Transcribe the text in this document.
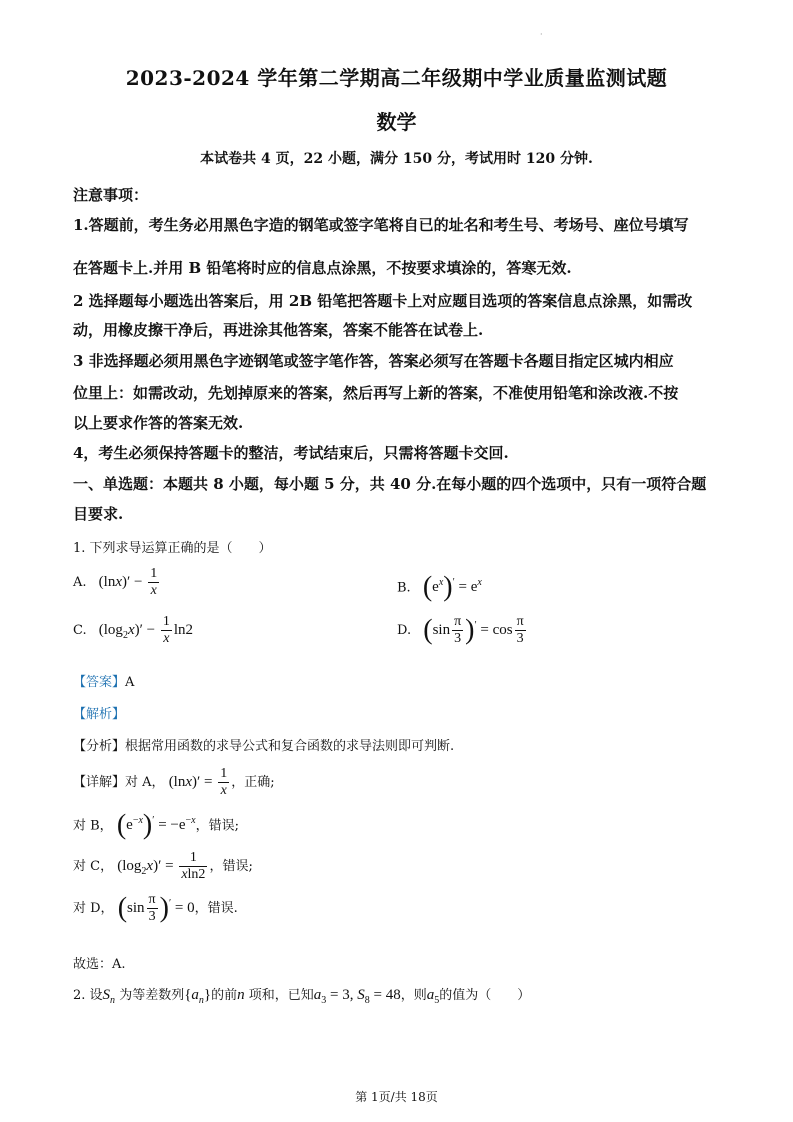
·
2023-2024 学年第二学期高二年级期中学业质量监测试题
数学
本试卷共 4 页，22 小题，满分 150 分，考试用时 120 分钟.
注意事项：
1.答题前，考生务必用黑色字造的钢笔或签字笔将自已的址名和考生号、考场号、座位号填写
在答题卡上.并用 B 铅笔将时应的信息点涂黑，不按要求填涂的，答寒无效.
2 选择题每小题选出答案后，用 2B 铅笔把答题卡上对应题目选项的答案信息点涂黑，如需改
动，用橡皮擦干净后，再进涂其他答案，答案不能答在试卷上.
3 非选择题必须用黑色字迹钢笔或签字笔作答，答案必须写在答题卡各题目指定区城内相应
位里上：如需改动，先划掉原来的答案，然后再写上新的答案，不准使用铅笔和涂改液.不按
以上要求作答的答案无效.
4，考生必须保持答题卡的整洁，考试结束后，只需将答题卡交回.
一、单选题：本题共 8 小题，每小题 5 分，共 40 分.在每小题的四个选项中，只有一项符合题
目要求.
1. 下列求导运算正确的是（　　）
A. $(\ln x)' - \frac{1}{x}$	B. $(e^x)' = e^x$
C. $(\log_2x)' - \frac{1}{x} \ln 2$	D. $(\sin \frac{\pi}{3} )' = \cos \frac{\pi}{3}$
【答案】A
【解析】
【分析】根据常用函数的求导公式和复合函数的求导法则即可判断.
【详解】对 A， $(\ln x)' = \frac{1}{x}$ ，正确;
对 B， $(e^{-x})' = -e^{-x}$，错误;
对 C， $(\log_2x)' = \frac{1}{xln2}$ ，错误;
对 D， $(\sin \frac{\pi}{3} )' = 0$，错误.
故选：A.
2. 设$S_n$ 为等差数列$\{a_n\}$的前n 项和，已知$a_3 = 3$, $S_8 = 48$，则$a_5$的值为（　　）
第 1页/共 18页
